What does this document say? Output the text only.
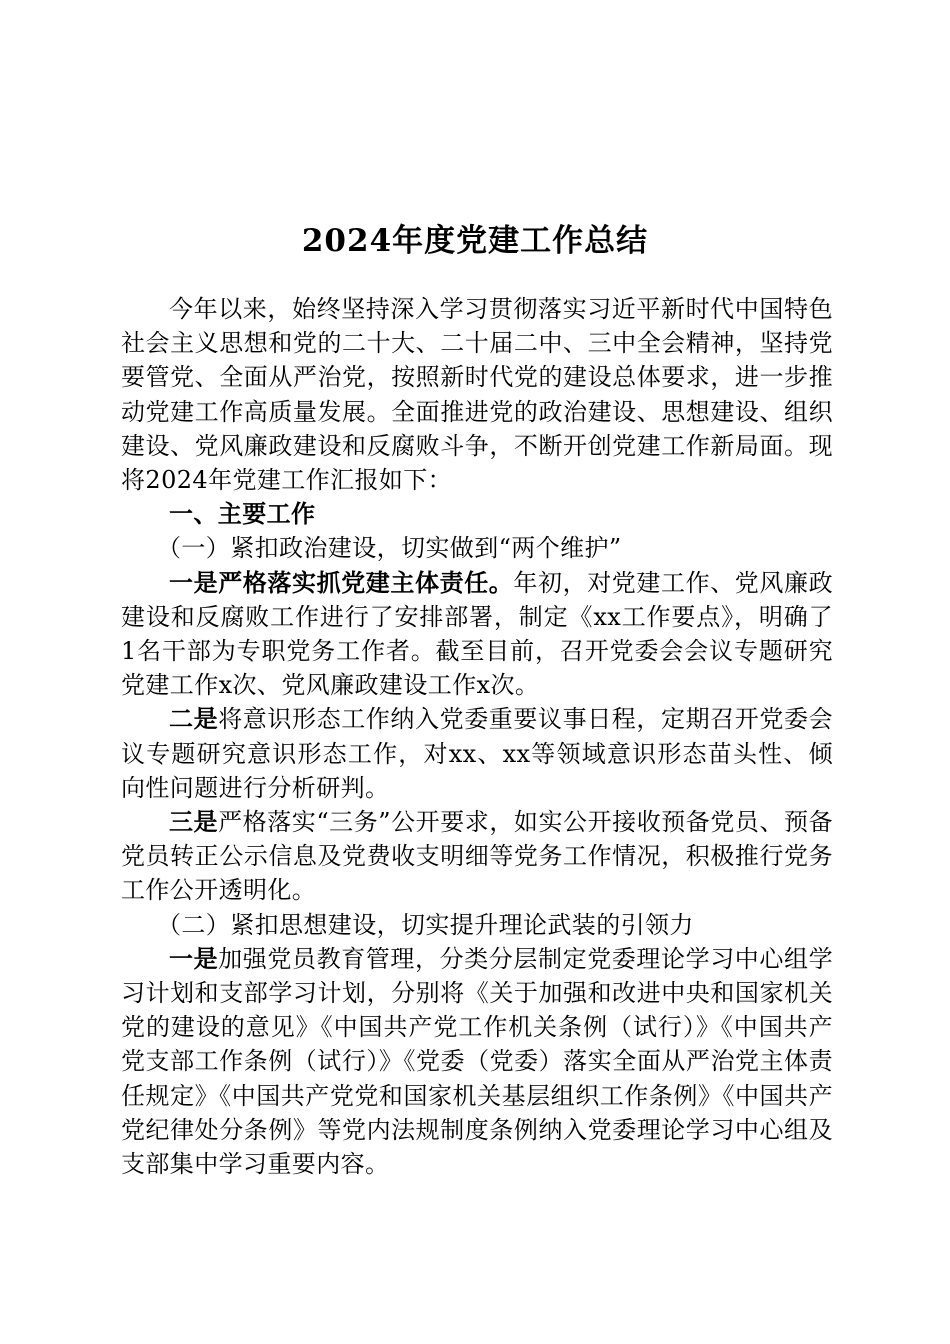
2024年度党建工作总结

今年以来，始终坚持深入学习贯彻落实习近平新时代中国特色社会主义思想和党的二十大、二十届二中、三中全会精神，坚持党要管党、全面从严治党，按照新时代党的建设总体要求，进一步推动党建工作高质量发展。全面推进党的政治建设、思想建设、组织建设、党风廉政建设和反腐败斗争，不断开创党建工作新局面。现将2024年党建工作汇报如下：

一、主要工作

（一）紧扣政治建设，切实做到“两个维护”

一是严格落实抓党建主体责任。年初，对党建工作、党风廉政建设和反腐败工作进行了安排部署，制定《xx工作要点》，明确了1名干部为专职党务工作者。截至目前，召开党委会会议专题研究党建工作x次、党风廉政建设工作x次。

二是将意识形态工作纳入党委重要议事日程，定期召开党委会议专题研究意识形态工作，对xx、xx等领域意识形态苗头性、倾向性问题进行分析研判。

三是严格落实“三务”公开要求，如实公开接收预备党员、预备党员转正公示信息及党费收支明细等党务工作情况，积极推行党务工作公开透明化。

（二）紧扣思想建设，切实提升理论武装的引领力

一是加强党员教育管理，分类分层制定党委理论学习中心组学习计划和支部学习计划，分别将《关于加强和改进中央和国家机关党的建设的意见》《中国共产党工作机关条例（试行）》《中国共产党支部工作条例（试行）》《党委（党委）落实全面从严治党主体责任规定》《中国共产党党和国家机关基层组织工作条例》《中国共产党纪律处分条例》等党内法规制度条例纳入党委理论学习中心组及支部集中学习重要内容。
